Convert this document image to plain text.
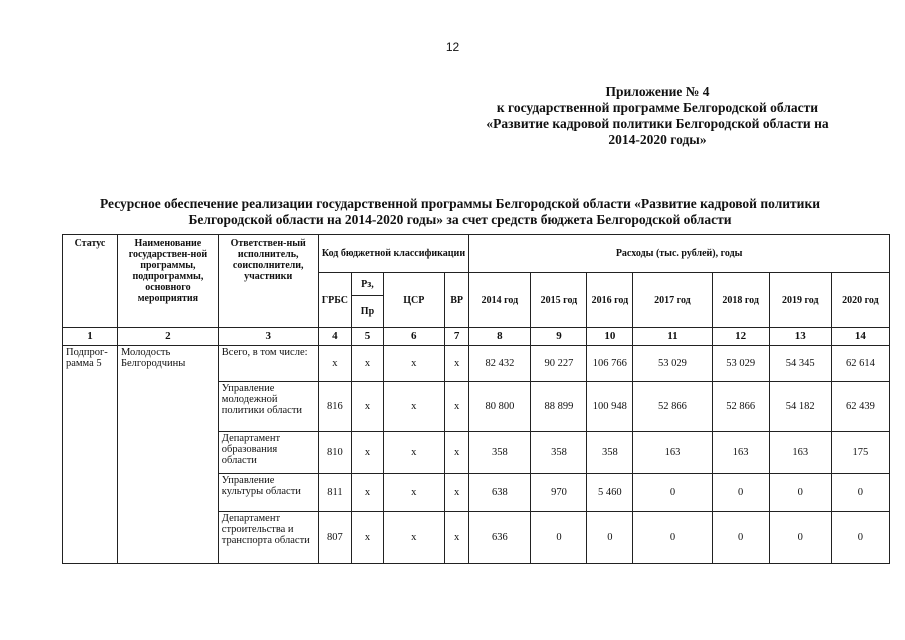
12
Приложение № 4
к государственной программе Белгородской области
«Развитие кадровой политики Белгородской области на
2014-2020 годы»
Ресурсное обеспечение реализации государственной программы Белгородской области «Развитие кадровой политики
Белгородской области на 2014-2020 годы» за счет средств бюджета Белгородской области
Статус	Наименование государствен-ной программы, подпрограммы, основного мероприятия	Ответствен-ный исполнитель, соисполнители, участники	Код бюджетной классификации				Расходы (тыс. рублей), годы						
			ГРБС	Рз,	ЦСР	ВР	2014 год	2015 год	2016 год	2017 год	2018 год	2019 год	2020 год
				Пр									
1	2	3	4	5	6	7	8	9	10	11	12	13	14
Подпрог-рамма 5	Молодость Белгородчины	Всего, в том числе:	x	x	x	x	82 432	90 227	106 766	53 029	53 029	54 345	62 614
		Управление молодежной политики области	816	x	x	x	80 800	88 899	100 948	52 866	52 866	54 182	62 439
		Департамент образования области	810	x	x	x	358	358	358	163	163	163	175
		Управление культуры области	811	x	x	x	638	970	5 460	0	0	0	0
		Департамент строительства и транспорта области	807	x	x	x	636	0	0	0	0	0	0
